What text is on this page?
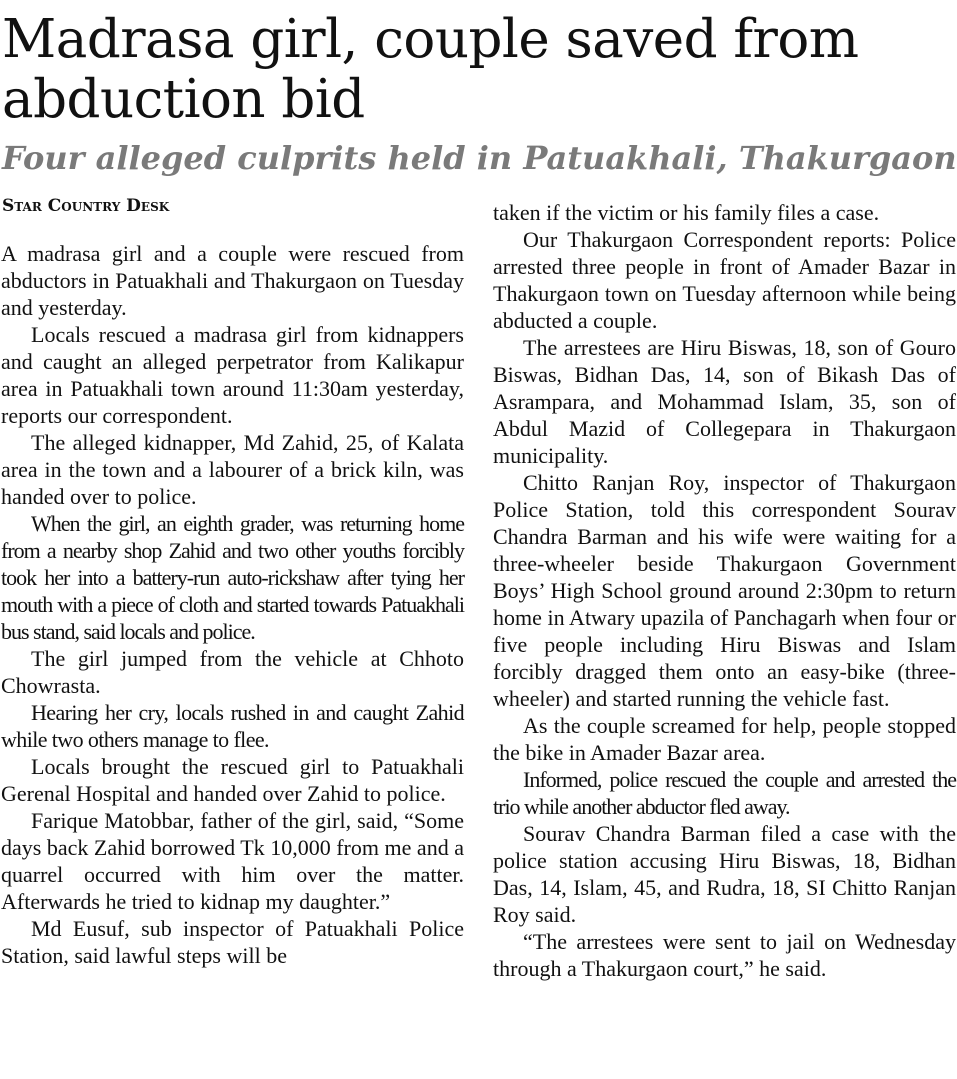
Madrasa girl, couple saved from abduction bid
Four alleged culprits held in Patuakhali, Thakurgaon
Star Country Desk

A madrasa girl and a couple were rescued from abductors in Patuakhali and Thakurgaon on Tuesday and yesterday.

Locals rescued a madrasa girl from kidnappers and caught an alleged perpetrator from Kalikapur area in Patuakhali town around 11:30am yesterday, reports our correspondent.

The alleged kidnapper, Md Zahid, 25, of Kalata area in the town and a labourer of a brick kiln, was handed over to police.

When the girl, an eighth grader, was returning home from a nearby shop Zahid and two other youths forcibly took her into a battery-run auto-rickshaw after tying her mouth with a piece of cloth and started towards Patuakhali bus stand, said locals and police.

The girl jumped from the vehicle at Chhoto Chowrasta.

Hearing her cry, locals rushed in and caught Zahid while two others manage to flee.

Locals brought the rescued girl to Patuakhali Gerenal Hospital and handed over Zahid to police.

Farique Matobbar, father of the girl, said, “Some days back Zahid borrowed Tk 10,000 from me and a quarrel occurred with him over the matter. Afterwards he tried to kidnap my daughter.”

Md Eusuf, sub inspector of Patuakhali Police Station, said lawful steps will be

taken if the victim or his family files a case.

Our Thakurgaon Correspondent reports: Police arrested three people in front of Amader Bazar in Thakurgaon town on Tuesday afternoon while being abducted a couple.

The arrestees are Hiru Biswas, 18, son of Gouro Biswas, Bidhan Das, 14, son of Bikash Das of Asrampara, and Mohammad Islam, 35, son of Abdul Mazid of Collegepara in Thakurgaon municipality.

Chitto Ranjan Roy, inspector of Thakurgaon Police Station, told this correspondent Sourav Chandra Barman and his wife were waiting for a three-wheeler beside Thakurgaon Government Boys’ High School ground around 2:30pm to return home in Atwary upazila of Panchagarh when four or five people including Hiru Biswas and Islam forcibly dragged them onto an easy-bike (three-wheeler) and started running the vehicle fast.

As the couple screamed for help, people stopped the bike in Amader Bazar area.

Informed, police rescued the couple and arrested the trio while another abductor fled away.

Sourav Chandra Barman filed a case with the police station accusing Hiru Biswas, 18, Bidhan Das, 14, Islam, 45, and Rudra, 18, SI Chitto Ranjan Roy said.

“The arrestees were sent to jail on Wednesday through a Thakurgaon court,” he said.
